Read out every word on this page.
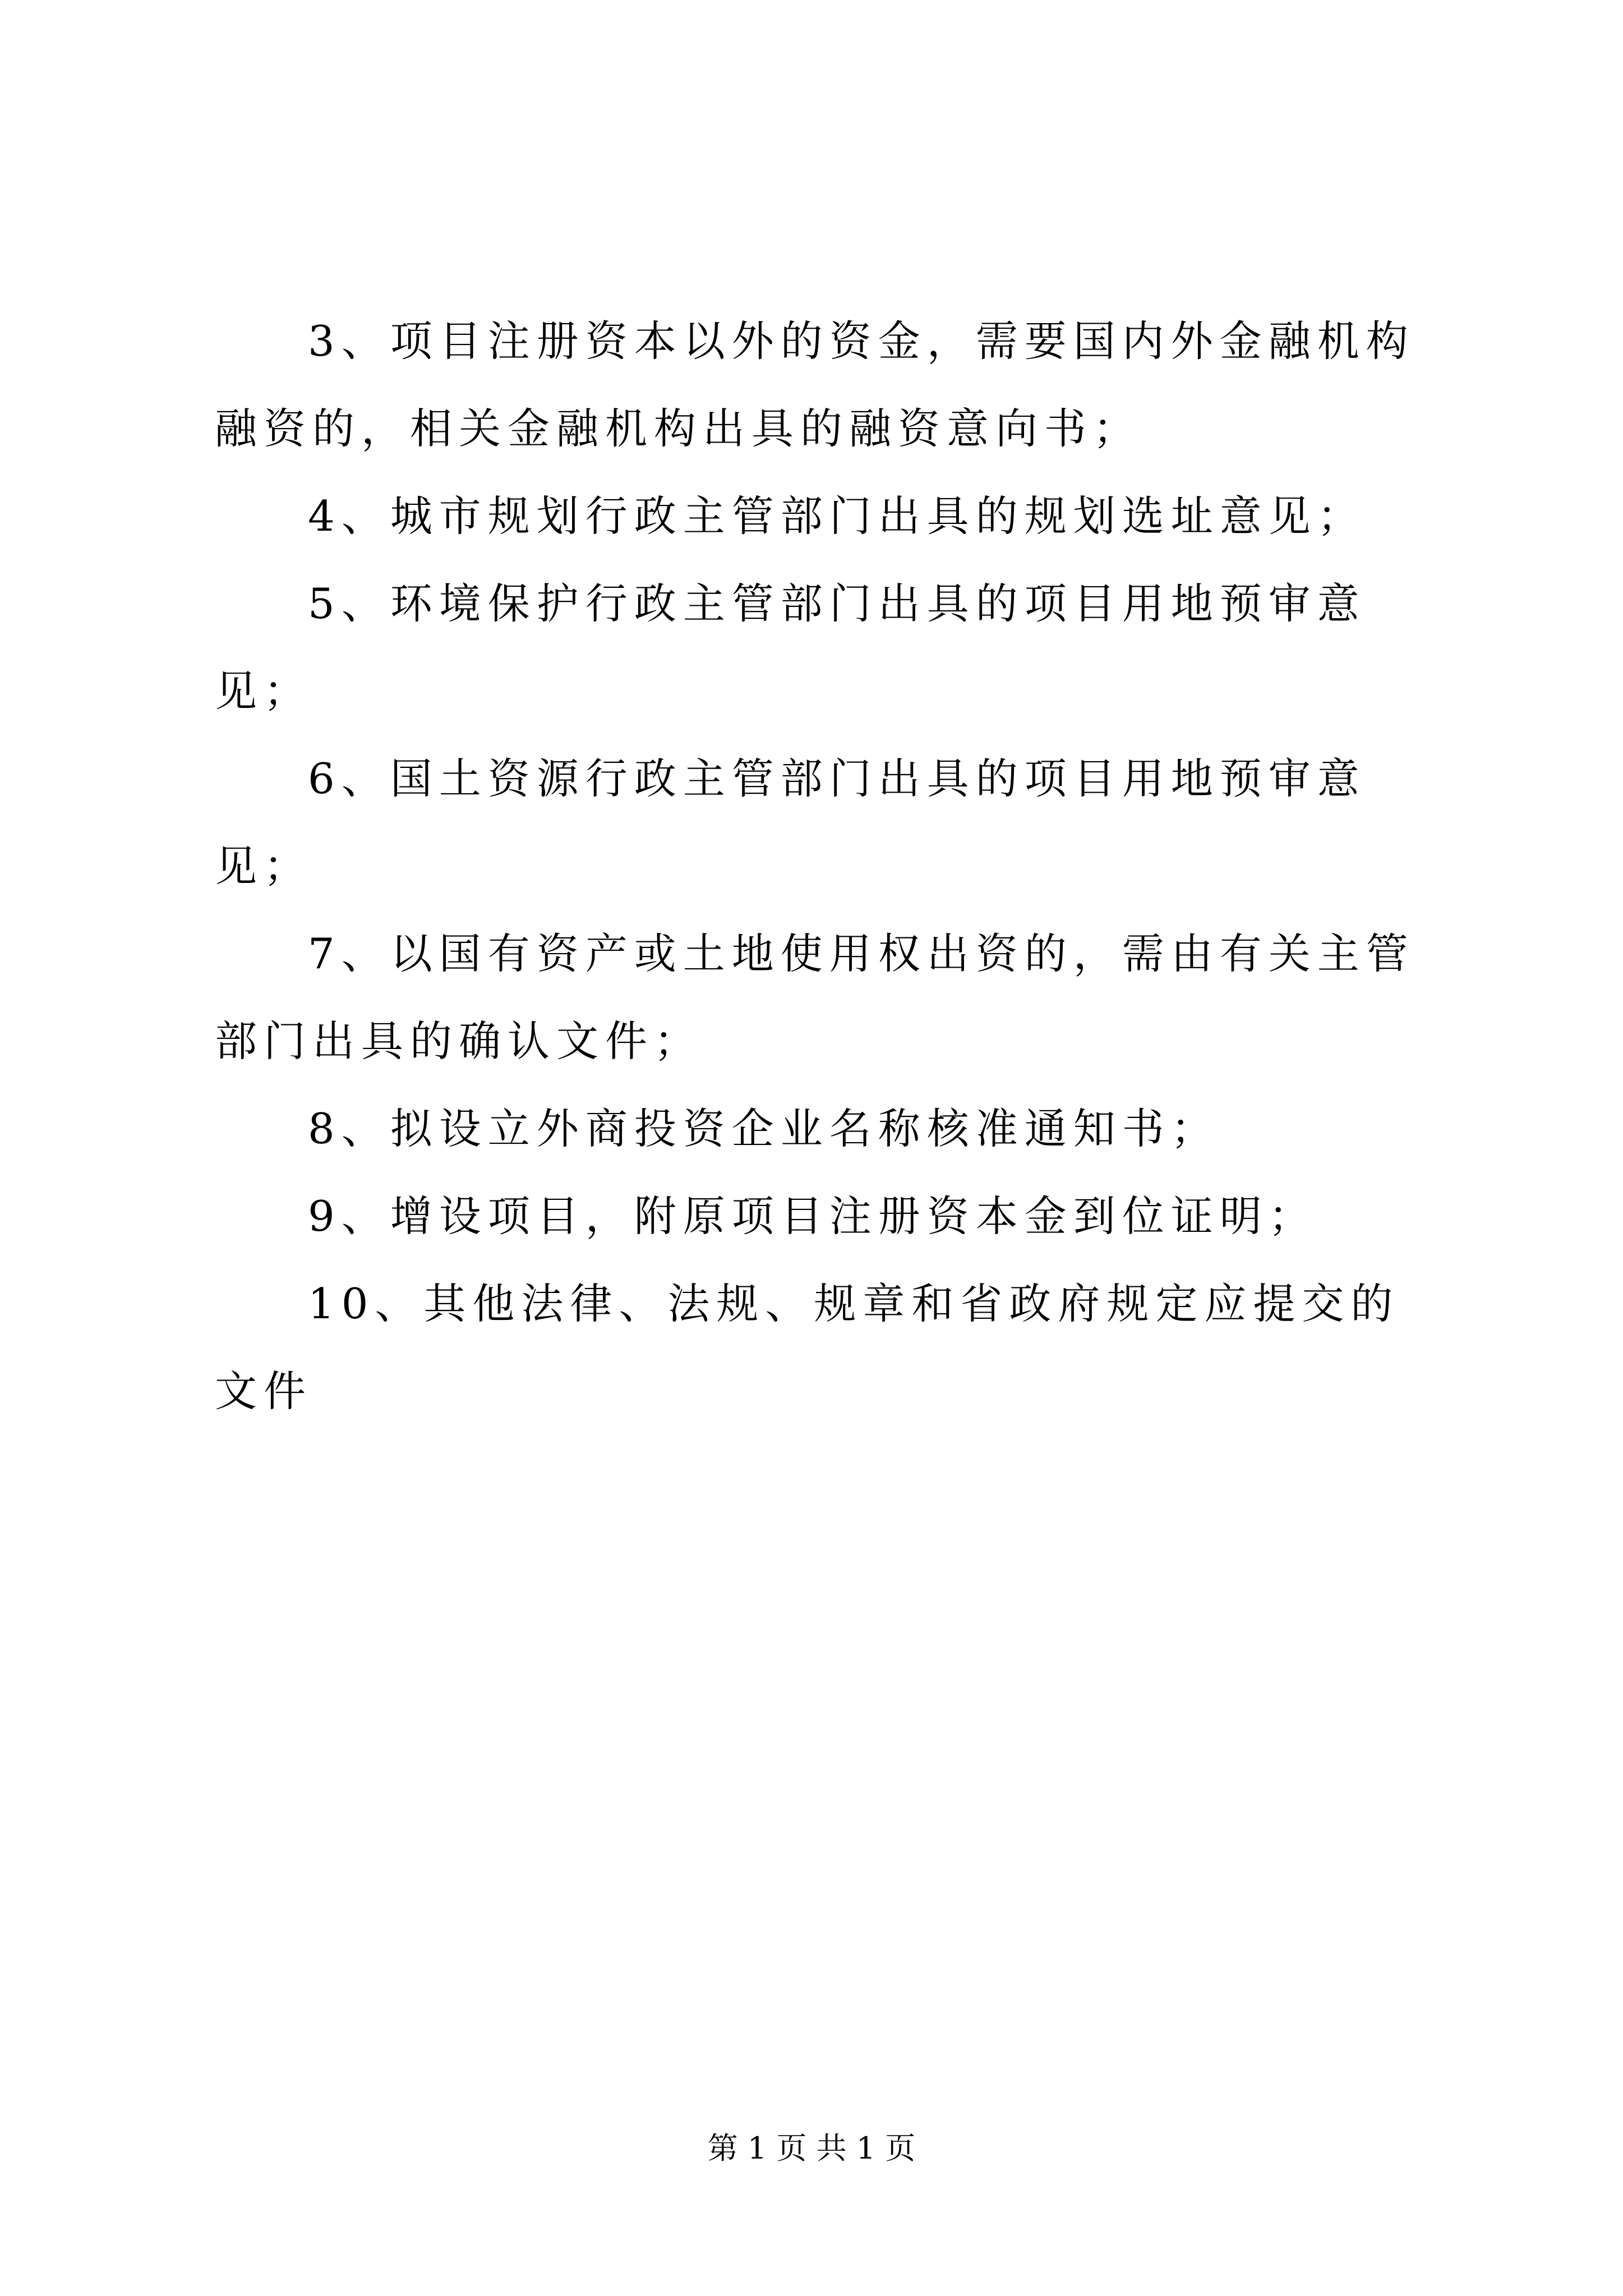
3、项目注册资本以外的资金，需要国内外金融机构融资的，相关金融机构出具的融资意向书；

4、城市规划行政主管部门出具的规划选址意见；

5、环境保护行政主管部门出具的项目用地预审意见；

6、国土资源行政主管部门出具的项目用地预审意见；

7、以国有资产或土地使用权出资的，需由有关主管部门出具的确认文件；

8、拟设立外商投资企业名称核准通知书；

9、增设项目，附原项目注册资本金到位证明；

10、其他法律、法规、规章和省政府规定应提交的文件

第 1 页 共 1 页
